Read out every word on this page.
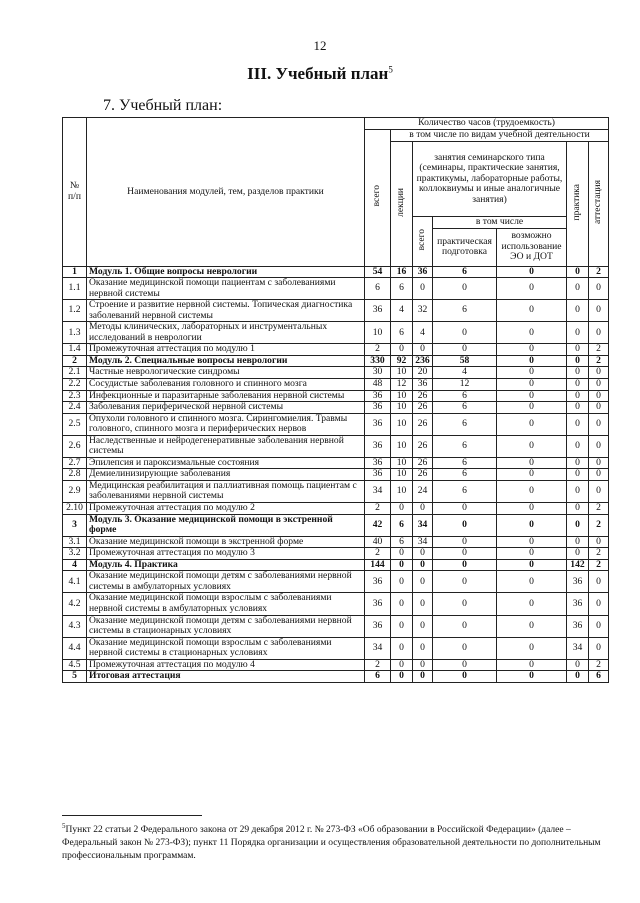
12
III. Учебный план$^5$
7. Учебный план:
№ п/п	Наименования модулей, тем, разделов практики	Количество часов (трудоемкость)						
		всего	в том числе по видам учебной деятельности					
			лекции	занятия семинарского типа (семинары, практические занятия, практикумы, лабораторные работы, коллоквиумы и иные аналогичные занятия)			практика	аттестация
				всего	в том числе			
					практическая подготовка	возможно использование ЭО и ДОТ		
1	Модуль 1. Общие вопросы неврологии	54	16	36	6	0	0	2
1.1	Оказание медицинской помощи пациентам с заболеваниями нервной системы	6	6	0	0	0	0	0
1.2	Строение и развитие нервной системы. Топическая диагностика заболеваний нервной системы	36	4	32	6	0	0	0
1.3	Методы клинических, лабораторных и инструментальных исследований в неврологии	10	6	4	0	0	0	0
1.4	Промежуточная аттестация по модулю 1	2	0	0	0	0	0	2
2	Модуль 2. Специальные вопросы неврологии	330	92	236	58	0	0	2
2.1	Частные неврологические синдромы	30	10	20	4	0	0	0
2.2	Сосудистые заболевания головного и спинного мозга	48	12	36	12	0	0	0
2.3	Инфекционные и паразитарные заболевания нервной системы	36	10	26	6	0	0	0
2.4	Заболевания периферической нервной системы	36	10	26	6	0	0	0
2.5	Опухоли головного и спинного мозга. Сирингомиелия. Травмы головного, спинного мозга и периферических нервов	36	10	26	6	0	0	0
2.6	Наследственные и нейродегенеративные заболевания нервной системы	36	10	26	6	0	0	0
2.7	Эпилепсия и пароксизмальные состояния	36	10	26	6	0	0	0
2.8	Демиелинизирующие заболевания	36	10	26	6	0	0	0
2.9	Медицинская реабилитация и паллиативная помощь пациентам с заболеваниями нервной системы	34	10	24	6	0	0	0
2.10	Промежуточная аттестация по модулю 2	2	0	0	0	0	0	2
3	Модуль 3. Оказание медицинской помощи в экстренной форме	42	6	34	0	0	0	2
3.1	Оказание медицинской помощи в экстренной форме	40	6	34	0	0	0	0
3.2	Промежуточная аттестация по модулю 3	2	0	0	0	0	0	2
4	Модуль 4. Практика	144	0	0	0	0	142	2
4.1	Оказание медицинской помощи детям с заболеваниями нервной системы в амбулаторных условиях	36	0	0	0	0	36	0
4.2	Оказание медицинской помощи взрослым с заболеваниями нервной системы в амбулаторных условиях	36	0	0	0	0	36	0
4.3	Оказание медицинской помощи детям с заболеваниями нервной системы в стационарных условиях	36	0	0	0	0	36	0
4.4	Оказание медицинской помощи взрослым с заболеваниями нервной системы в стационарных условиях	34	0	0	0	0	34	0
4.5	Промежуточная аттестация по модулю 4	2	0	0	0	0	0	2
5	Итоговая аттестация	6	0	0	0	0	0	6
$^5$Пункт 22 статьи 2 Федерального закона от 29 декабря 2012 г. № 273-ФЗ «Об образовании в Российской Федерации» (далее – Федеральный закон № 273-ФЗ); пункт 11 Порядка организации и осуществления образовательной деятельности по дополнительным профессиональным программам.
